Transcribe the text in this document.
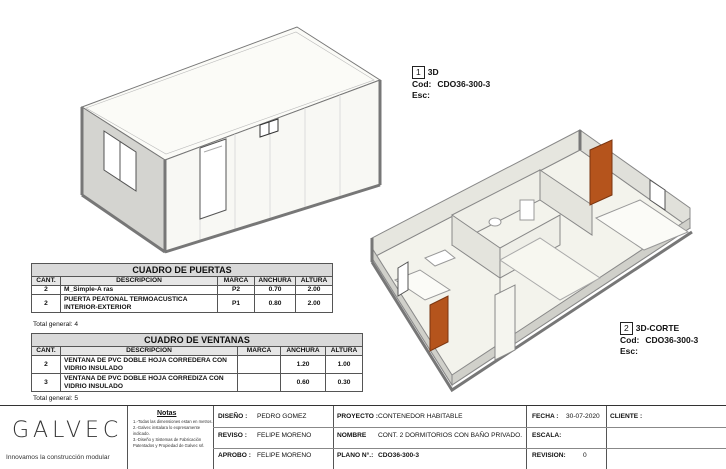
1 3D
Cod: CDO36-300-3
Esc:
2 3D-CORTE
Cod: CDO36-300-3
Esc:
CUADRO DE PUERTAS				
CANT.	DESCRIPCION	MARCA	ANCHURA	ALTURA
2	M_Simple-A ras	P2	0.70	2.00
2	PUERTA PEATONAL TERMOACUSTICA INTERIOR-EXTERIOR	P1	0.80	2.00
Total general: 4
CUADRO DE VENTANAS				
CANT.	DESCRIPCION	MARCA	ANCHURA	ALTURA
2	VENTANA DE PVC DOBLE HOJA CORREDERA CON VIDRIO INSULADO		1.20	1.00
3	VENTANA DE PVC DOBLE HOJA CORREDIZA CON VIDRIO INSULADO		0.60	0.30
Total general: 5
DISEÑO : PEDRO GOMEZ
REVISO : FELIPE MORENO
APROBO : FELIPE MORENO
PROYECTO : CONTENEDOR HABITABLE
NOMBRE CONT. 2 DORMITORIOS CON BAÑO PRIVADO.
PLANO N°.: CDO36-300-3
FECHA : 30-07-2020
ESCALA:
REVISION:	0
CLIENTE :
GALVEC
Innovamos la construcción modular
Notas
1.-Todas las dimensiones estan en metros.
2.-Galvec instalara lo expresamente indicado.
3.-Diseño y Sistemas de Fabricación Patentados y Propiedad de Galvec srl.
